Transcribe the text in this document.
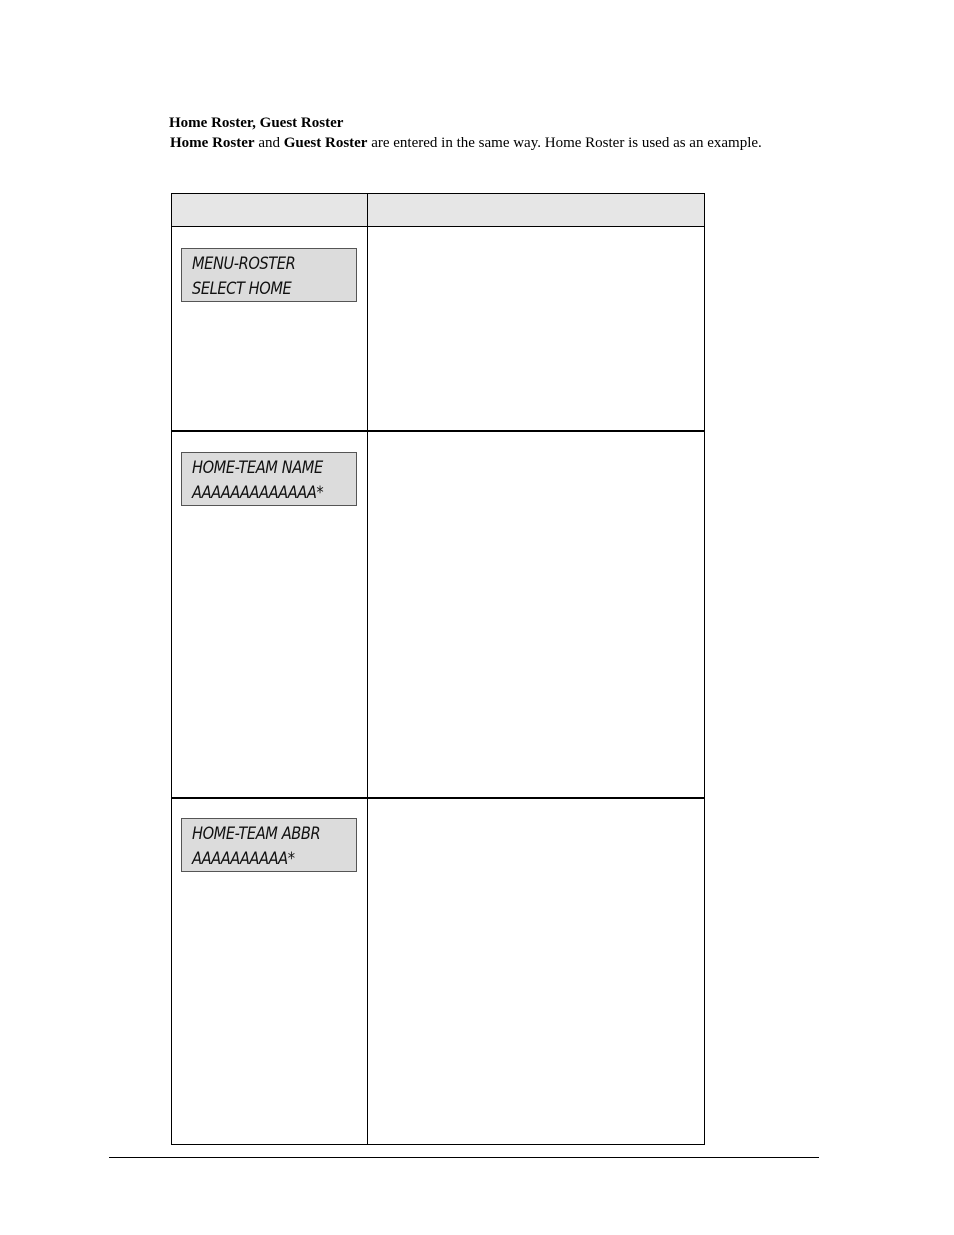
Home Roster, Guest Roster
Home Roster and Guest Roster are entered in the same way. Home Roster is used as an example.
MENU-ROSTER
SELECT HOME
HOME-TEAM NAME
AAAAAAAAAAAAA*
HOME-TEAM ABBR
AAAAAAAAAA*
